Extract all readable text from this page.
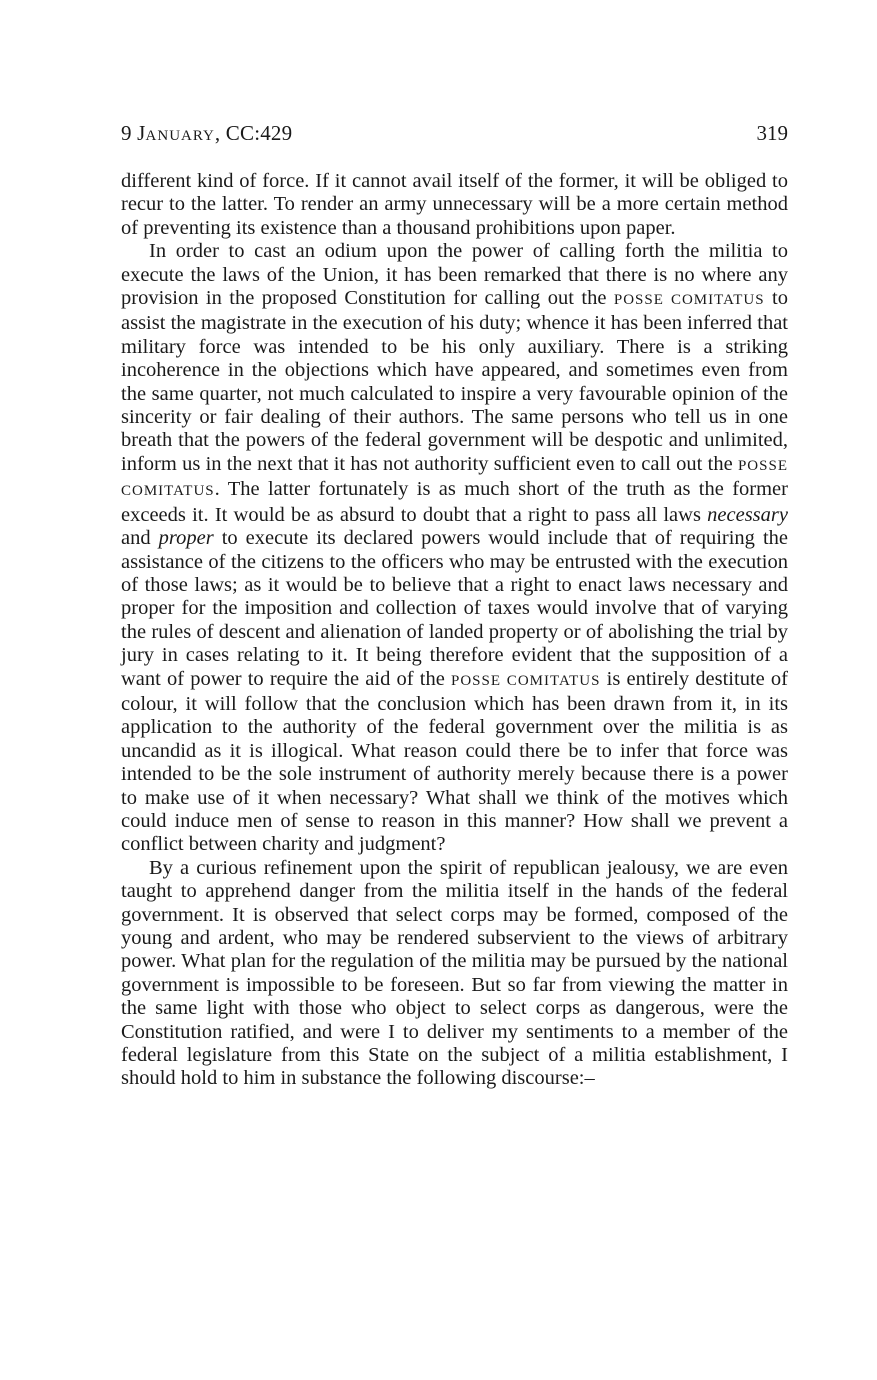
9 JANUARY, CC:429	319

different kind of force. If it cannot avail itself of the former, it will be obliged to recur to the latter. To render an army unnecessary will be a more certain method of preventing its existence than a thousand prohibitions upon paper.

In order to cast an odium upon the power of calling forth the militia to execute the laws of the Union, it has been remarked that there is no where any provision in the proposed Constitution for calling out the POSSE COMITATUS to assist the magistrate in the execution of his duty; whence it has been inferred that military force was intended to be his only auxiliary. There is a striking incoherence in the objections which have appeared, and sometimes even from the same quarter, not much calculated to inspire a very favourable opinion of the sincerity or fair dealing of their authors. The same persons who tell us in one breath that the powers of the federal government will be despotic and unlimited, inform us in the next that it has not authority sufficient even to call out the POSSE COMITATUS. The latter fortunately is as much short of the truth as the former exceeds it. It would be as absurd to doubt that a right to pass all laws necessary and proper to execute its declared powers would include that of requiring the assistance of the citizens to the officers who may be entrusted with the execution of those laws; as it would be to believe that a right to enact laws necessary and proper for the imposition and collection of taxes would involve that of varying the rules of descent and alienation of landed property or of abolishing the trial by jury in cases relating to it. It being therefore evident that the supposition of a want of power to require the aid of the POSSE COMITATUS is entirely destitute of colour, it will follow that the conclusion which has been drawn from it, in its application to the authority of the federal government over the militia is as uncandid as it is illogical. What reason could there be to infer that force was intended to be the sole instrument of authority merely because there is a power to make use of it when necessary? What shall we think of the motives which could induce men of sense to reason in this manner? How shall we prevent a conflict between charity and judgment?

By a curious refinement upon the spirit of republican jealousy, we are even taught to apprehend danger from the militia itself in the hands of the federal government. It is observed that select corps may be formed, composed of the young and ardent, who may be rendered subservient to the views of arbitrary power. What plan for the regulation of the militia may be pursued by the national government is impossible to be foreseen. But so far from viewing the matter in the same light with those who object to select corps as dangerous, were the Constitution ratified, and were I to deliver my sentiments to a member of the federal legislature from this State on the subject of a militia establishment, I should hold to him in substance the following discourse:–
